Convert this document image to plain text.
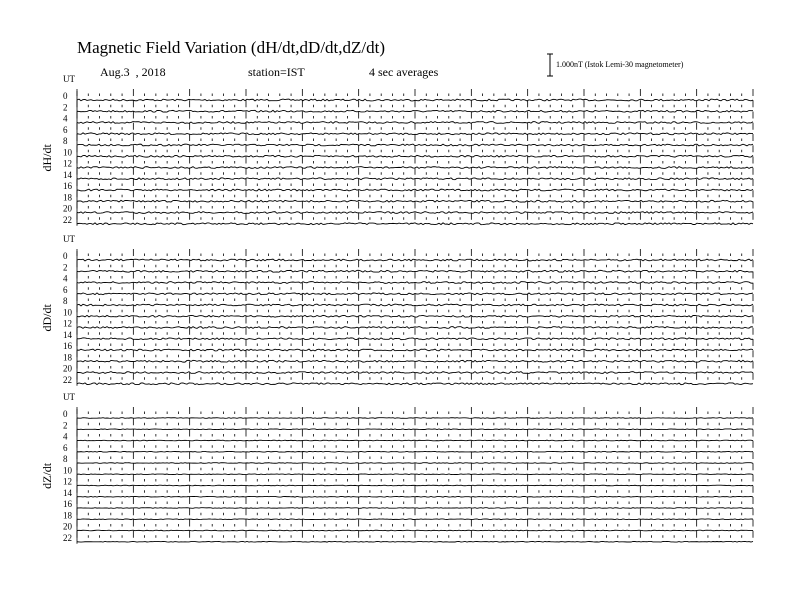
Magnetic Field Variation (dH/dt,dD/dt,dZ/dt)
Aug.3  , 2018	station=IST	4 sec averages
1.000nT (Istok Lemi-30 magnetometer)
UT
dH/dt
0
2
4
6
8
10
12
14
16
18
20
22
UT
dD/dt
0
2
4
6
8
10
12
14
16
18
20
22
UT
dZ/dt
0
2
4
6
8
10
12
14
16
18
20
22
